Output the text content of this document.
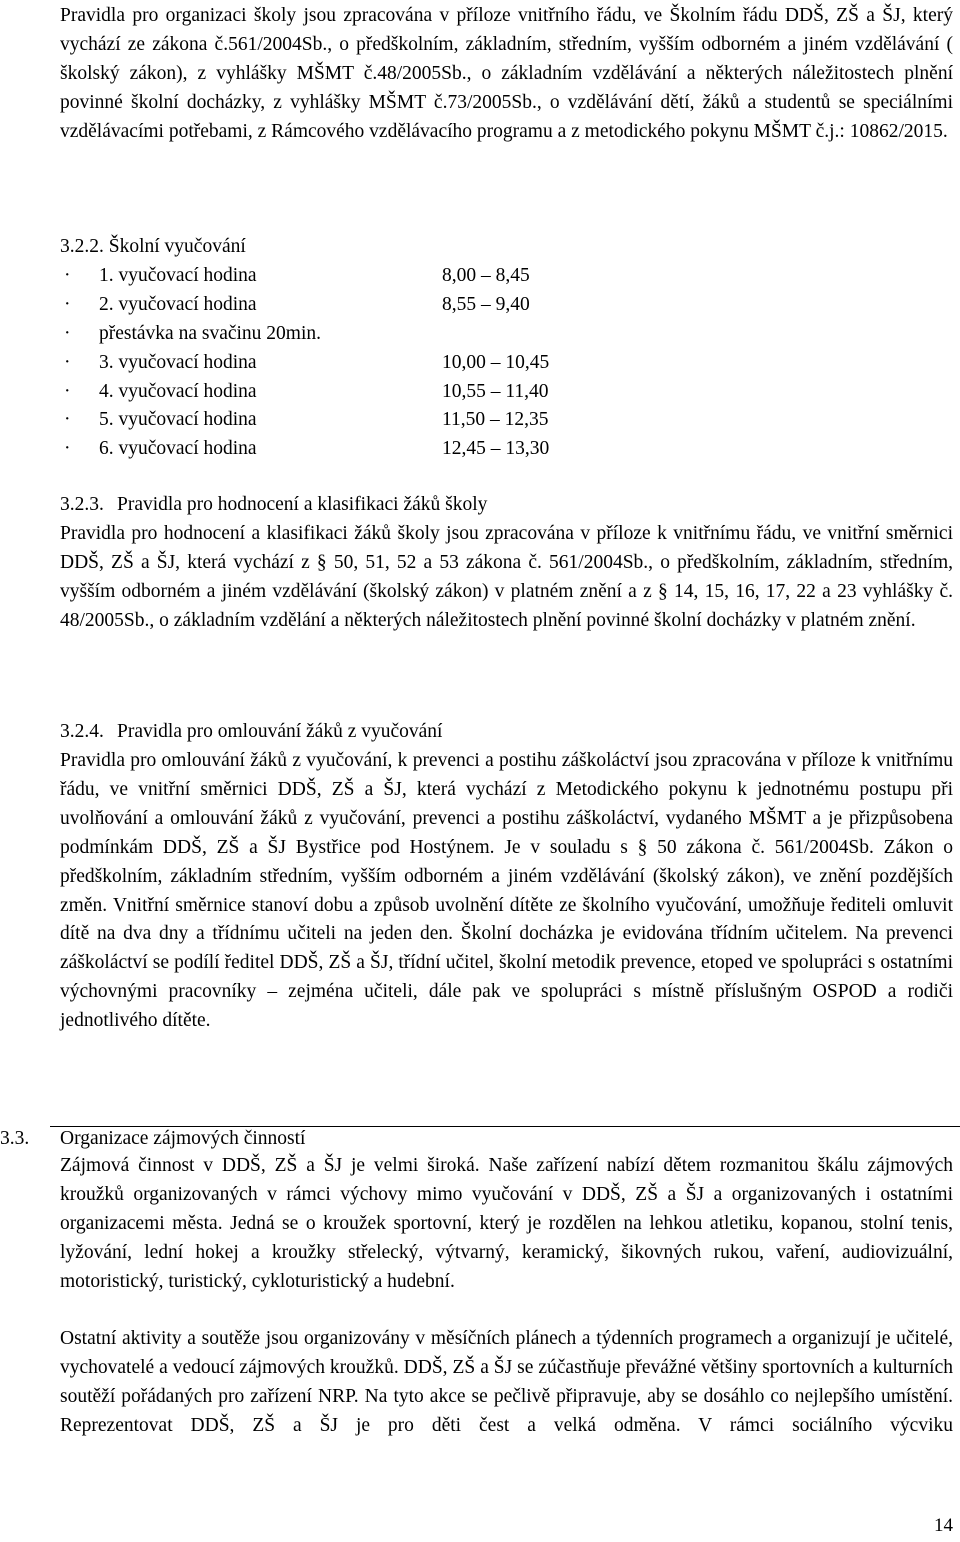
Pravidla pro organizaci školy jsou zpracována v příloze vnitřního řádu, ve Školním řádu DDŠ, ZŠ a ŠJ, který vychází ze zákona č.561/2004Sb., o předškolním, základním, středním, vyšším odborném a jiném vzdělávání ( školský zákon), z vyhlášky MŠMT č.48/2005Sb., o základním vzdělávání a některých náležitostech plnění povinné školní docházky, z vyhlášky MŠMT č.73/2005Sb., o vzdělávání dětí, žáků a studentů se speciálními vzdělávacími potřebami, z Rámcového vzdělávacího programu a z metodického pokynu MŠMT č.j.: 10862/2015.

3.2.2. Školní vyučování

· 1. vyučovací hodina	8,00 – 8,45
· 2. vyučovací hodina	8,55 – 9,40
· přestávka na svačinu 20min.
· 3. vyučovací hodina	10,00 – 10,45
· 4. vyučovací hodina	10,55 – 11,40
· 5. vyučovací hodina	11,50 – 12,35
· 6. vyučovací hodina	12,45 – 13,30

3.2.3. Pravidla pro hodnocení a klasifikaci žáků školy

Pravidla pro hodnocení a klasifikaci žáků školy jsou zpracována v příloze k vnitřnímu řádu, ve vnitřní směrnici DDŠ, ZŠ a ŠJ, která vychází z § 50, 51, 52 a 53 zákona č. 561/2004Sb., o předškolním, základním, středním, vyšším odborném a jiném vzdělávání (školský zákon) v platném znění a z § 14, 15, 16, 17, 22 a 23 vyhlášky č. 48/2005Sb., o základním vzdělání a některých náležitostech plnění povinné školní docházky v platném znění.

3.2.4. Pravidla pro omlouvání žáků z vyučování

Pravidla pro omlouvání žáků z vyučování, k prevenci a postihu záškoláctví jsou zpracována v příloze k vnitřnímu řádu, ve vnitřní směrnici DDŠ, ZŠ a ŠJ, která vychází z Metodického pokynu k jednotnému postupu při uvolňování a omlouvání žáků z vyučování, prevenci a postihu záškoláctví, vydaného MŠMT a je přizpůsobena podmínkám DDŠ, ZŠ a ŠJ Bystřice pod Hostýnem. Je v souladu s § 50 zákona č. 561/2004Sb. Zákon o předškolním, základním středním, vyšším odborném a jiném vzdělávání (školský zákon), ve znění pozdějších změn. Vnitřní směrnice stanoví dobu a způsob uvolnění dítěte ze školního vyučování, umožňuje řediteli omluvit dítě na dva dny a třídnímu učiteli na jeden den. Školní docházka je evidována třídním učitelem. Na prevenci záškoláctví se podílí ředitel DDŠ, ZŠ a ŠJ, třídní učitel, školní metodik prevence, etoped ve spolupráci s ostatními výchovnými pracovníky – zejména učiteli, dále pak ve spolupráci s místně příslušným OSPOD a rodiči jednotlivého dítěte.

3.3. Organizace zájmových činností

Zájmová činnost v DDŠ, ZŠ a ŠJ je velmi široká. Naše zařízení nabízí dětem rozmanitou škálu zájmových kroužků organizovaných v rámci výchovy mimo vyučování v DDŠ, ZŠ a ŠJ a organizovaných i ostatními organizacemi města. Jedná se o kroužek sportovní, který je rozdělen na lehkou atletiku, kopanou, stolní tenis, lyžování, lední hokej a kroužky střelecký, výtvarný, keramický, šikovných rukou, vaření, audiovizuální, motoristický, turistický, cykloturistický a hudební.

Ostatní aktivity a soutěže jsou organizovány v měsíčních plánech a týdenních programech a organizují je učitelé, vychovatelé a vedoucí zájmových kroužků. DDŠ, ZŠ a ŠJ se zúčastňuje převážné většiny sportovních a kulturních soutěží pořádaných pro zařízení NRP. Na tyto akce se pečlivě připravuje, aby se dosáhlo co nejlepšího umístění. Reprezentovat DDŠ, ZŠ a ŠJ je pro děti čest a velká odměna. V rámci sociálního výcviku

14
